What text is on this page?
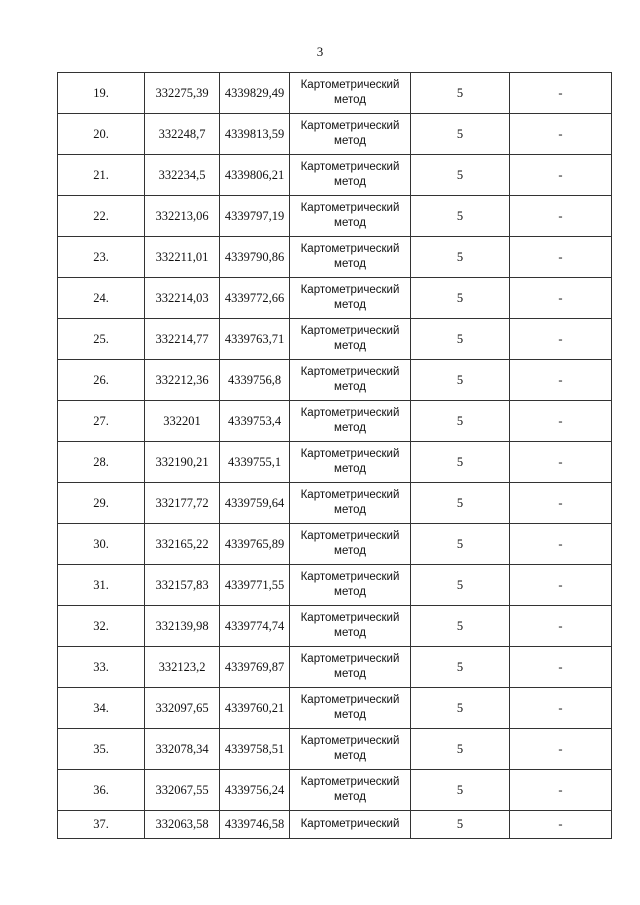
3
19.	332275,39	4339829,49	Картометрический метод	5	-
20.	332248,7	4339813,59	Картометрический метод	5	-
21.	332234,5	4339806,21	Картометрический метод	5	-
22.	332213,06	4339797,19	Картометрический метод	5	-
23.	332211,01	4339790,86	Картометрический метод	5	-
24.	332214,03	4339772,66	Картометрический метод	5	-
25.	332214,77	4339763,71	Картометрический метод	5	-
26.	332212,36	4339756,8	Картометрический метод	5	-
27.	332201	4339753,4	Картометрический метод	5	-
28.	332190,21	4339755,1	Картометрический метод	5	-
29.	332177,72	4339759,64	Картометрический метод	5	-
30.	332165,22	4339765,89	Картометрический метод	5	-
31.	332157,83	4339771,55	Картометрический метод	5	-
32.	332139,98	4339774,74	Картометрический метод	5	-
33.	332123,2	4339769,87	Картометрический метод	5	-
34.	332097,65	4339760,21	Картометрический метод	5	-
35.	332078,34	4339758,51	Картометрический метод	5	-
36.	332067,55	4339756,24	Картометрический метод	5	-
37.	332063,58	4339746,58	Картометрический	5	-
